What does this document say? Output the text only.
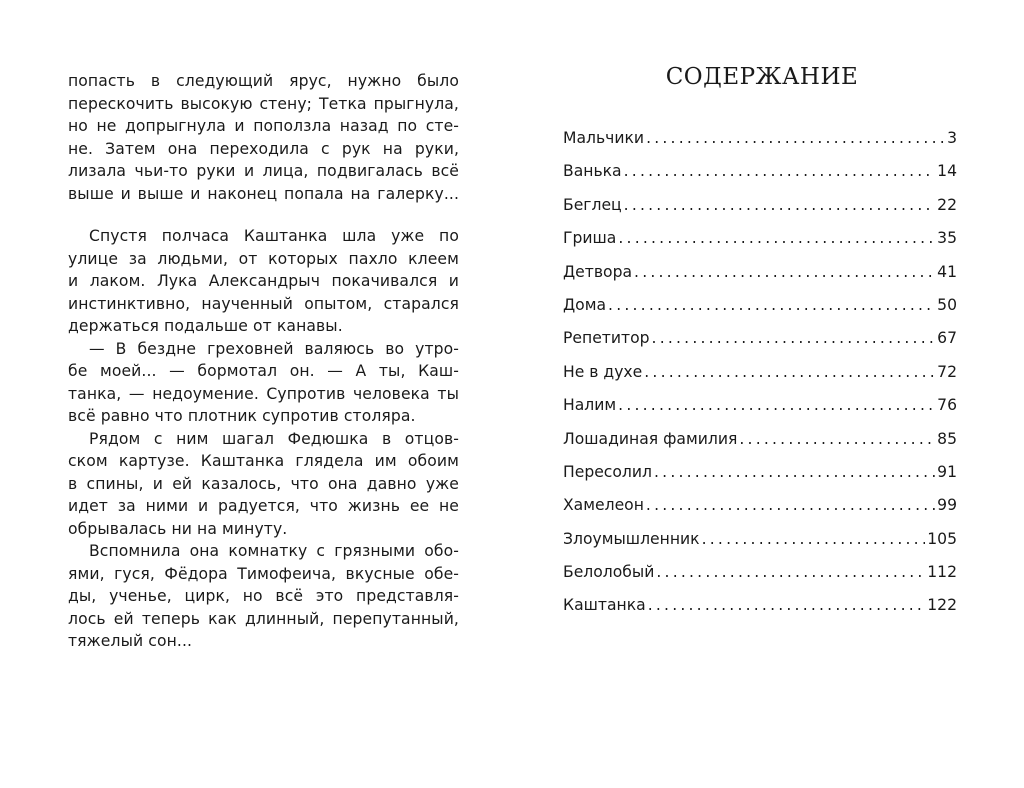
попасть в следующий ярус, нужно было
перескочить высокую стену; Тетка прыгнула,
но не допрыгнула и поползла назад по сте-
не. Затем она переходила с рук на руки,
лизала чьи-то руки и лица, подвигалась всё
выше и выше и наконец попала на галерку...
Спустя полчаса Каштанка шла уже по
улице за людьми, от которых пахло клеем
и лаком. Лука Александрыч покачивался и
инстинктивно, наученный опытом, старался
держаться подальше от канавы.
— В бездне греховней валяюсь во утро-
бе моей... — бормотал он. — А ты, Каш-
танка, — недоумение. Супротив человека ты
всё равно что плотник супротив столяра.
Рядом с ним шагал Федюшка в отцов-
ском картузе. Каштанка глядела им обоим
в спины, и ей казалось, что она давно уже
идет за ними и радуется, что жизнь ее не
обрывалась ни на минуту.
Вспомнила она комнатку с грязными обо-
ями, гуся, Фёдора Тимофеича, вкусные обе-
ды, ученье, цирк, но всё это представля-
лось ей теперь как длинный, перепутанный,
тяжелый сон...
СОДЕРЖАНИЕ
Мальчики .....	3
Ванька .....	14
Беглец .....	22
Гриша .....	35
Детвора .....	41
Дома .....	50
Репетитор .....	67
Не в духе .....	72
Налим .....	76
Лошадиная фамилия .....	85
Пересолил .....	91
Хамелеон .....	99
Злоумышленник .....	105
Белолобый .....	112
Каштанка .....	122
